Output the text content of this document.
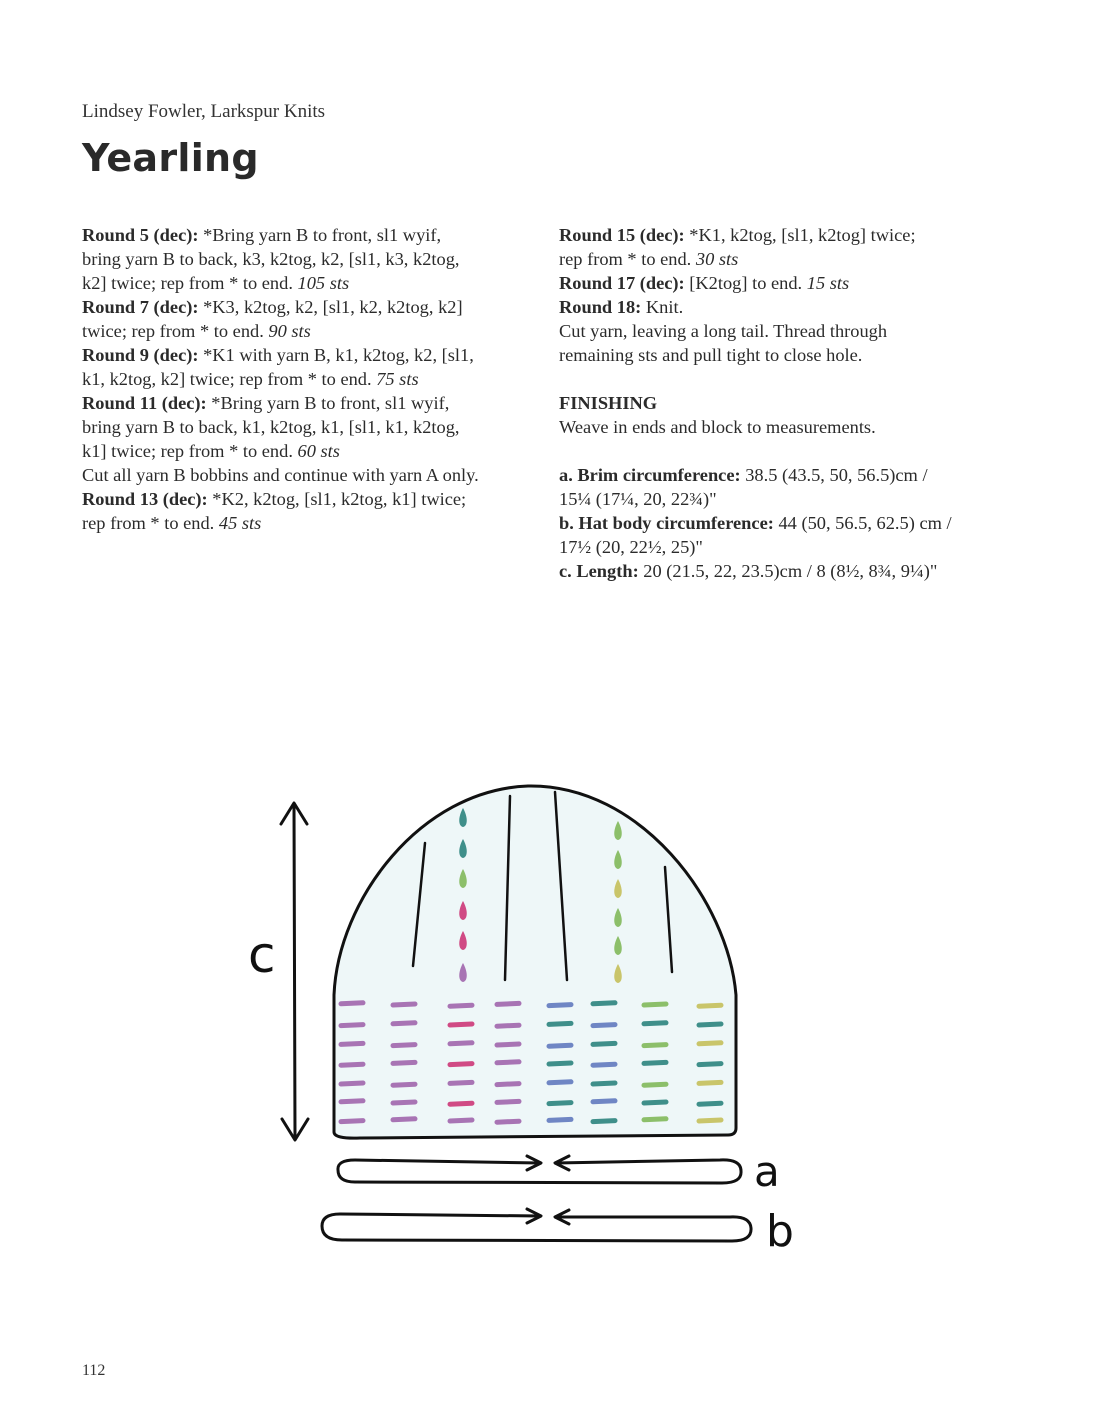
Lindsey Fowler, Larkspur Knits
Yearling
Round 5 (dec): *Bring yarn B to front, sl1 wyif,
bring yarn B to back, k3, k2tog, k2, [sl1, k3, k2tog,
k2] twice; rep from * to end. 105 sts
Round 7 (dec): *K3, k2tog, k2, [sl1, k2, k2tog, k2]
twice; rep from * to end. 90 sts
Round 9 (dec): *K1 with yarn B, k1, k2tog, k2, [sl1,
k1, k2tog, k2] twice; rep from * to end. 75 sts
Round 11 (dec): *Bring yarn B to front, sl1 wyif,
bring yarn B to back, k1, k2tog, k1, [sl1, k1, k2tog,
k1] twice; rep from * to end. 60 sts
Cut all yarn B bobbins and continue with yarn A only.
Round 13 (dec): *K2, k2tog, [sl1, k2tog, k1] twice;
rep from * to end. 45 sts
Round 15 (dec): *K1, k2tog, [sl1, k2tog] twice;
rep from * to end. 30 sts
Round 17 (dec): [K2tog] to end. 15 sts
Round 18: Knit.
Cut yarn, leaving a long tail. Thread through
remaining sts and pull tight to close hole.
FINISHING
Weave in ends and block to measurements.
a. Brim circumference: 38.5 (43.5, 50, 56.5)cm /
15¼ (17¼, 20, 22¾)"
b. Hat body circumference: 44 (50, 56.5, 62.5) cm /
17½ (20, 22½, 25)"
c. Length: 20 (21.5, 22, 23.5)cm / 8 (8½, 8¾, 9¼)"
c
a
b
112
